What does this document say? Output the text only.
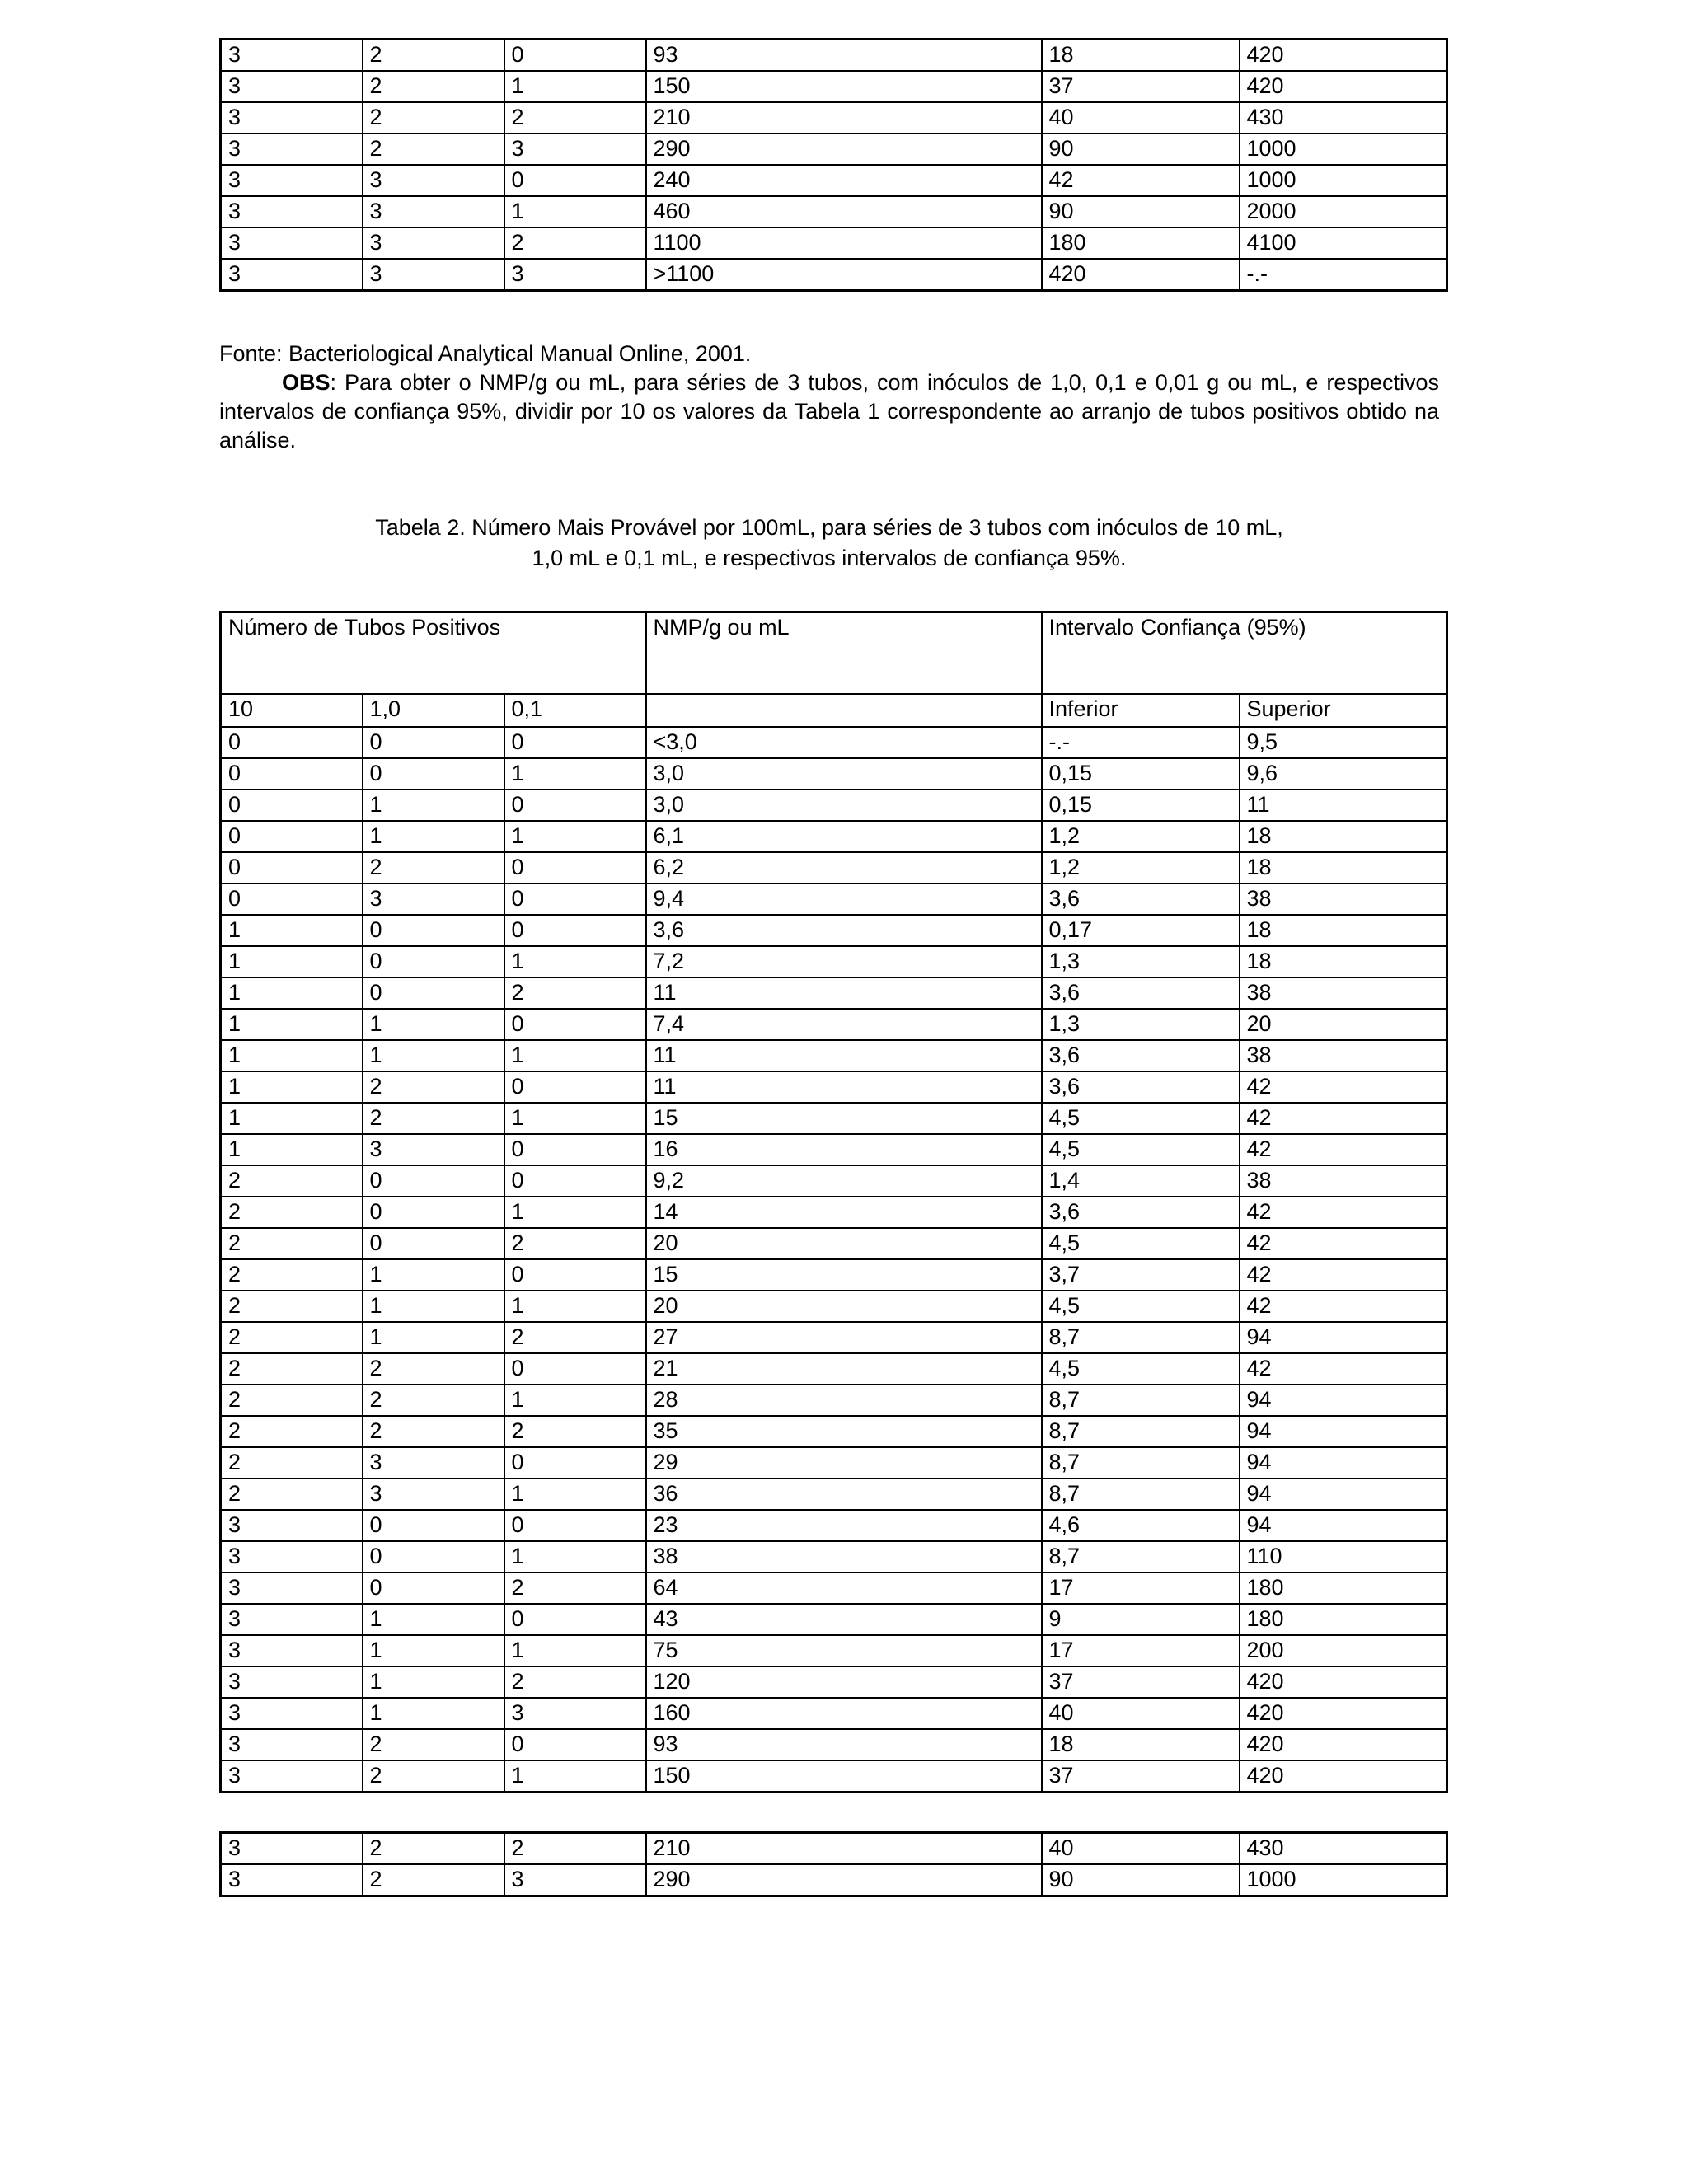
3	2	0	93	18	420
3	2	1	150	37	420
3	2	2	210	40	430
3	2	3	290	90	1000
3	3	0	240	42	1000
3	3	1	460	90	2000
3	3	2	1100	180	4100
3	3	3	>1100	420	-.-

Fonte: Bacteriological Analytical Manual Online, 2001.

OBS: Para obter o NMP/g ou mL, para séries de 3 tubos, com inóculos de 1,0, 0,1 e 0,01 g ou mL, e respectivos intervalos de confiança 95%, dividir por 10 os valores da Tabela 1 correspondente ao arranjo de tubos positivos obtido na análise.

Tabela 2. Número Mais Provável por 100mL, para séries de 3 tubos com inóculos de 10 mL,
1,0 mL e 0,1 mL, e respectivos intervalos de confiança 95%.

Número de Tubos Positivos			NMP/g ou mL	Intervalo Confiança (95%)	
10	1,0	0,1		Inferior	Superior
0	0	0	<3,0	-.-	9,5
0	0	1	3,0	0,15	9,6
0	1	0	3,0	0,15	11
0	1	1	6,1	1,2	18
0	2	0	6,2	1,2	18
0	3	0	9,4	3,6	38
1	0	0	3,6	0,17	18
1	0	1	7,2	1,3	18
1	0	2	11	3,6	38
1	1	0	7,4	1,3	20
1	1	1	11	3,6	38
1	2	0	11	3,6	42
1	2	1	15	4,5	42
1	3	0	16	4,5	42
2	0	0	9,2	1,4	38
2	0	1	14	3,6	42
2	0	2	20	4,5	42
2	1	0	15	3,7	42
2	1	1	20	4,5	42
2	1	2	27	8,7	94
2	2	0	21	4,5	42
2	2	1	28	8,7	94
2	2	2	35	8,7	94
2	3	0	29	8,7	94
2	3	1	36	8,7	94
3	0	0	23	4,6	94
3	0	1	38	8,7	110
3	0	2	64	17	180
3	1	0	43	9	180
3	1	1	75	17	200
3	1	2	120	37	420
3	1	3	160	40	420
3	2	0	93	18	420
3	2	1	150	37	420
3	2	2	210	40	430
3	2	3	290	90	1000
